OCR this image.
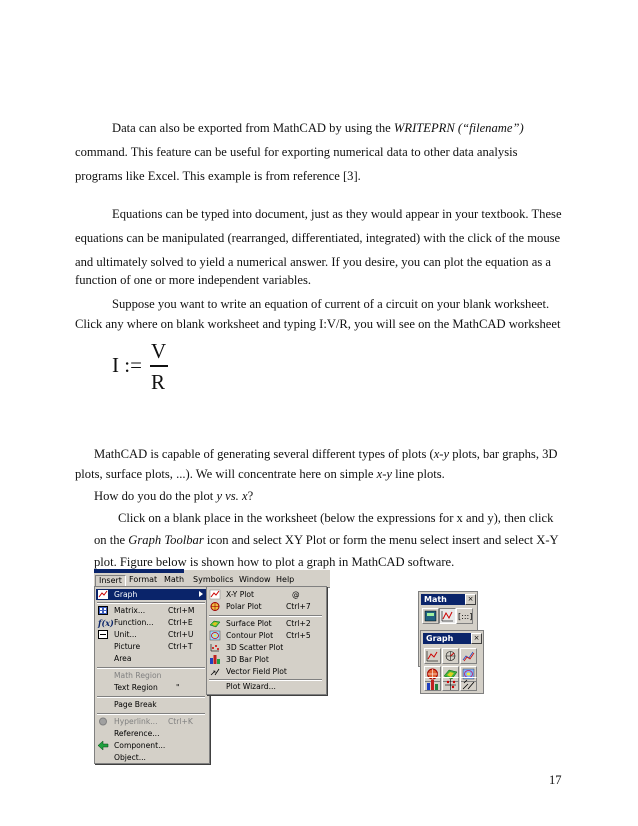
Data can also be exported from MathCAD by using the WRITEPRN (“filename”)
command. This feature can be useful for exporting numerical data to other data analysis
programs like Excel. This example is from reference [3].
Equations can be typed into document, just as they would appear in your textbook. These
equations can be manipulated (rearranged, differentiated, integrated) with the click of the mouse
and ultimately solved to yield a numerical answer. If you desire, you can plot the equation as a
function of one or more independent variables.
Suppose you want to write an equation of current of a circuit on your blank worksheet.
Click any where on blank worksheet and typing I:V/R, you will see on the MathCAD worksheet
I :=
V
R
MathCAD is capable of generating several different types of plots (x-y plots, bar graphs, 3D
plots, surface plots, ...). We will concentrate here on simple x-y line plots.
How do you do the plot y vs. x?
Click on a blank place in the worksheet (below the expressions for x and y), then click
on the Graph Toolbar icon and select XY Plot or form the menu select insert and select X-Y
plot. Figure below is shown how to plot a graph in MathCAD software.
Insert Format Math	Symbolics Window Help
Graph
Matrix...	Ctrl+M
f(x) Function... Ctrl+E
Unit...	Ctrl+U
Picture	Ctrl+T
Area
Math Region
Text Region "
Page Break
Hyperlink... Ctrl+K
Reference...
Component...
Object...
X-Y Plot	@
Polar Plot	Ctrl+7
Surface Plot Ctrl+2
Contour Plot Ctrl+5
3D Scatter Plot
3D Bar Plot
Vector Field Plot
Plot Wizard...
Math	×
[:::]
Graph	×
17
